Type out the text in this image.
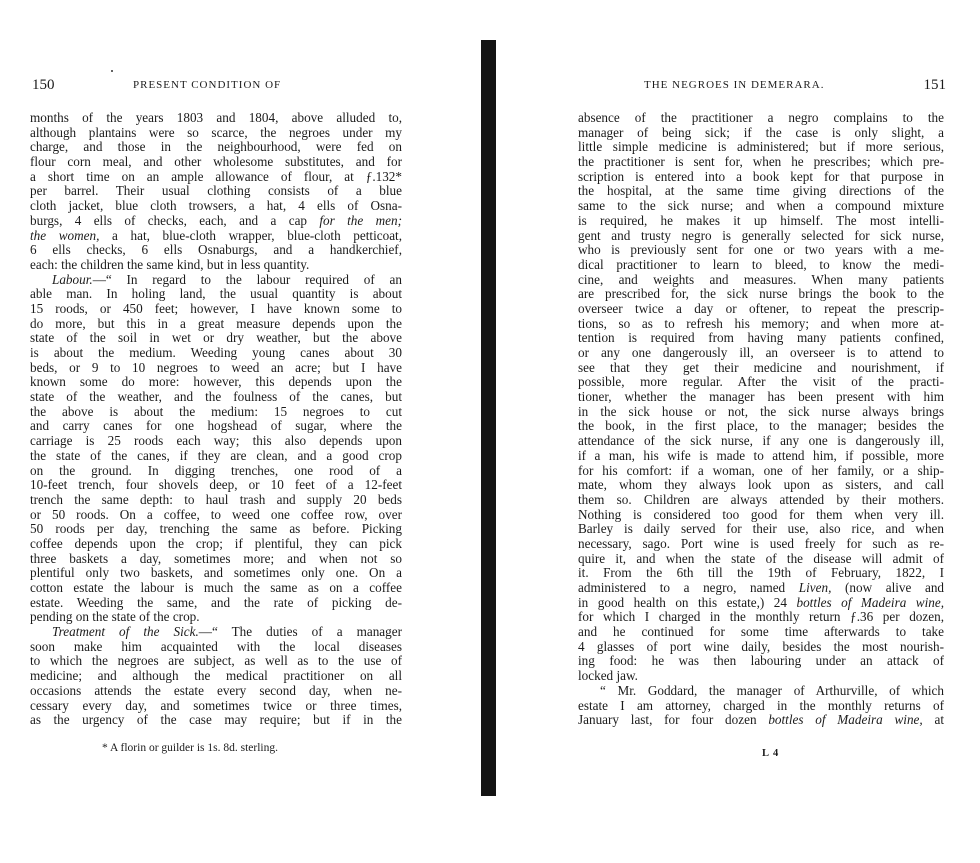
150	PRESENT CONDITION OF
months of the years 1803 and 1804, above alluded to,
although plantains were so scarce, the negroes under my
charge, and those in the neighbourhood, were fed on
flour corn meal, and other wholesome substitutes, and for
a short time on an ample allowance of flour, at ƒ.132*
per barrel. Their usual clothing consists of a blue
cloth jacket, blue cloth trowsers, a hat, 4 ells of Osna-
burgs, 4 ells of checks, each, and a cap for the men;
the women, a hat, blue-cloth wrapper, blue-cloth petticoat,
6 ells checks, 6 ells Osnaburgs, and a handkerchief,
each: the children the same kind, but in less quantity.
Labour.—“ In regard to the labour required of an
able man. In holing land, the usual quantity is about
15 roods, or 450 feet; however, I have known some to
do more, but this in a great measure depends upon the
state of the soil in wet or dry weather, but the above
is about the medium. Weeding young canes about 30
beds, or 9 to 10 negroes to weed an acre; but I have
known some do more: however, this depends upon the
state of the weather, and the foulness of the canes, but
the above is about the medium: 15 negroes to cut
and carry canes for one hogshead of sugar, where the
carriage is 25 roods each way; this also depends upon
the state of the canes, if they are clean, and a good crop
on the ground. In digging trenches, one rood of a
10-feet trench, four shovels deep, or 10 feet of a 12-feet
trench the same depth: to haul trash and supply 20 beds
or 50 roods. On a coffee, to weed one coffee row, over
50 roods per day, trenching the same as before. Picking
coffee depends upon the crop; if plentiful, they can pick
three baskets a day, sometimes more; and when not so
plentiful only two baskets, and sometimes only one. On a
cotton estate the labour is much the same as on a coffee
estate. Weeding the same, and the rate of picking de-
pending on the state of the crop.
Treatment of the Sick.—“ The duties of a manager
soon make him acquainted with the local diseases
to which the negroes are subject, as well as to the use of
medicine; and although the medical practitioner on all
occasions attends the estate every second day, when ne-
cessary every day, and sometimes twice or three times,
as the urgency of the case may require; but if in the
* A florin or guilder is 1s. 8d. sterling.
THE NEGROES IN DEMERARA.	151
absence of the practitioner a negro complains to the
manager of being sick; if the case is only slight, a
little simple medicine is administered; but if more serious,
the practitioner is sent for, when he prescribes; which pre-
scription is entered into a book kept for that purpose in
the hospital, at the same time giving directions of the
same to the sick nurse; and when a compound mixture
is required, he makes it up himself. The most intelli-
gent and trusty negro is generally selected for sick nurse,
who is previously sent for one or two years with a me-
dical practitioner to learn to bleed, to know the medi-
cine, and weights and measures. When many patients
are prescribed for, the sick nurse brings the book to the
overseer twice a day or oftener, to repeat the prescrip-
tions, so as to refresh his memory; and when more at-
tention is required from having many patients confined,
or any one dangerously ill, an overseer is to attend to
see that they get their medicine and nourishment, if
possible, more regular. After the visit of the practi-
tioner, whether the manager has been present with him
in the sick house or not, the sick nurse always brings
the book, in the first place, to the manager; besides the
attendance of the sick nurse, if any one is dangerously ill,
if a man, his wife is made to attend him, if possible, more
for his comfort: if a woman, one of her family, or a ship-
mate, whom they always look upon as sisters, and call
them so. Children are always attended by their mothers.
Nothing is considered too good for them when very ill.
Barley is daily served for their use, also rice, and when
necessary, sago. Port wine is used freely for such as re-
quire it, and when the state of the disease will admit of
it. From the 6th till the 19th of February, 1822, I
administered to a negro, named Liven, (now alive and
in good health on this estate,) 24 bottles of Madeira wine,
for which I charged in the monthly return ƒ.36 per dozen,
and he continued for some time afterwards to take
4 glasses of port wine daily, besides the most nourish-
ing food: he was then labouring under an attack of
locked jaw.
“ Mr. Goddard, the manager of Arthurville, of which
estate I am attorney, charged in the monthly returns of
January last, for four dozen bottles of Madeira wine, at
L 4
